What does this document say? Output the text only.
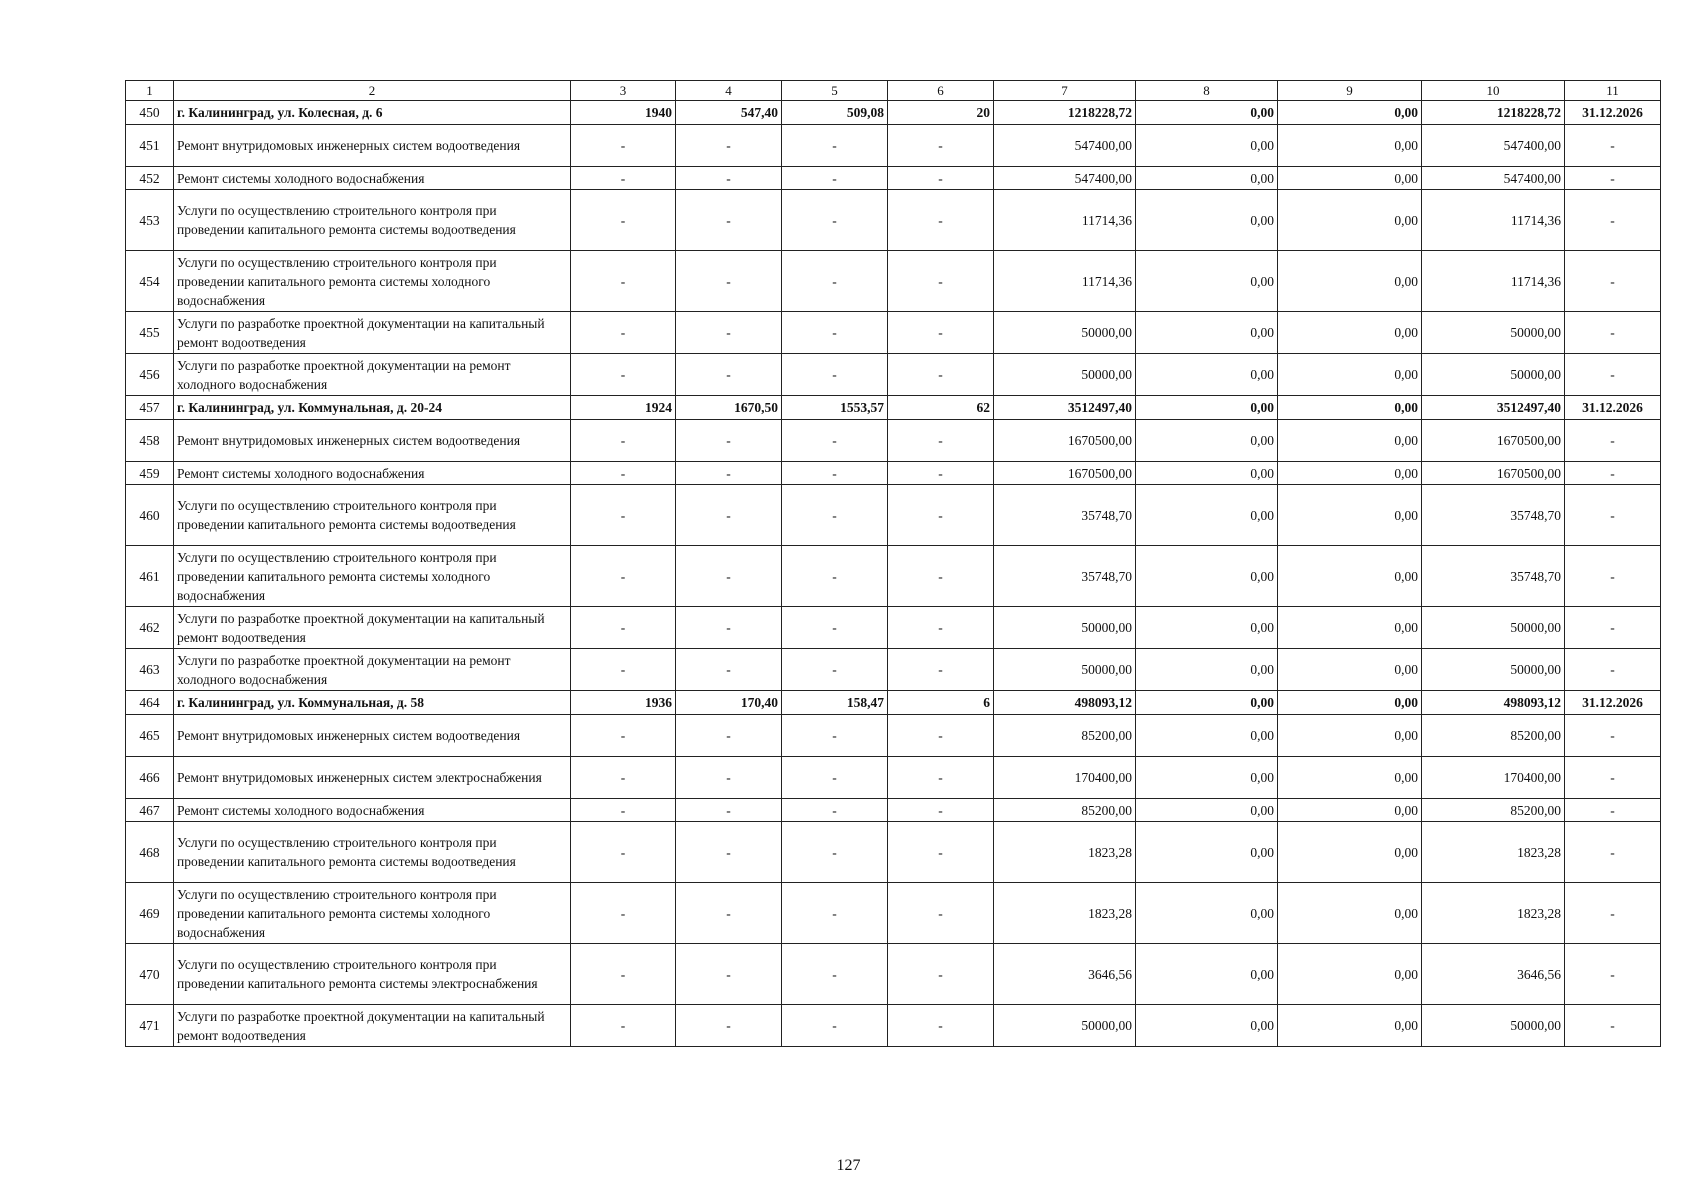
1	2	3	4	5	6	7	8	9	10	11
450	г. Калининград, ул. Колесная, д. 6	1940	547,40	509,08	20	1218228,72	0,00	0,00	1218228,72	31.12.2026
451	Ремонт внутридомовых инженерных систем водоотведения	-	-	-	-	547400,00	0,00	0,00	547400,00	-
452	Ремонт системы холодного водоснабжения	-	-	-	-	547400,00	0,00	0,00	547400,00	-
453	Услуги по осуществлению строительного контроля при проведении капитального ремонта системы водоотведения	-	-	-	-	11714,36	0,00	0,00	11714,36	-
454	Услуги по осуществлению строительного контроля при проведении капитального ремонта системы холодного водоснабжения	-	-	-	-	11714,36	0,00	0,00	11714,36	-
455	Услуги по разработке проектной документации на капитальный ремонт водоотведения	-	-	-	-	50000,00	0,00	0,00	50000,00	-
456	Услуги по разработке проектной документации на ремонт холодного водоснабжения	-	-	-	-	50000,00	0,00	0,00	50000,00	-
457	г. Калининград, ул. Коммунальная, д. 20-24	1924	1670,50	1553,57	62	3512497,40	0,00	0,00	3512497,40	31.12.2026
458	Ремонт внутридомовых инженерных систем водоотведения	-	-	-	-	1670500,00	0,00	0,00	1670500,00	-
459	Ремонт системы холодного водоснабжения	-	-	-	-	1670500,00	0,00	0,00	1670500,00	-
460	Услуги по осуществлению строительного контроля при проведении капитального ремонта системы водоотведения	-	-	-	-	35748,70	0,00	0,00	35748,70	-
461	Услуги по осуществлению строительного контроля при проведении капитального ремонта системы холодного водоснабжения	-	-	-	-	35748,70	0,00	0,00	35748,70	-
462	Услуги по разработке проектной документации на капитальный ремонт водоотведения	-	-	-	-	50000,00	0,00	0,00	50000,00	-
463	Услуги по разработке проектной документации на ремонт холодного водоснабжения	-	-	-	-	50000,00	0,00	0,00	50000,00	-
464	г. Калининград, ул. Коммунальная, д. 58	1936	170,40	158,47	6	498093,12	0,00	0,00	498093,12	31.12.2026
465	Ремонт внутридомовых инженерных систем водоотведения	-	-	-	-	85200,00	0,00	0,00	85200,00	-
466	Ремонт внутридомовых инженерных систем электроснабжения	-	-	-	-	170400,00	0,00	0,00	170400,00	-
467	Ремонт системы холодного водоснабжения	-	-	-	-	85200,00	0,00	0,00	85200,00	-
468	Услуги по осуществлению строительного контроля при проведении капитального ремонта системы водоотведения	-	-	-	-	1823,28	0,00	0,00	1823,28	-
469	Услуги по осуществлению строительного контроля при проведении капитального ремонта системы холодного водоснабжения	-	-	-	-	1823,28	0,00	0,00	1823,28	-
470	Услуги по осуществлению строительного контроля при проведении капитального ремонта системы электроснабжения	-	-	-	-	3646,56	0,00	0,00	3646,56	-
471	Услуги по разработке проектной документации на капитальный ремонт водоотведения	-	-	-	-	50000,00	0,00	0,00	50000,00	-
127
